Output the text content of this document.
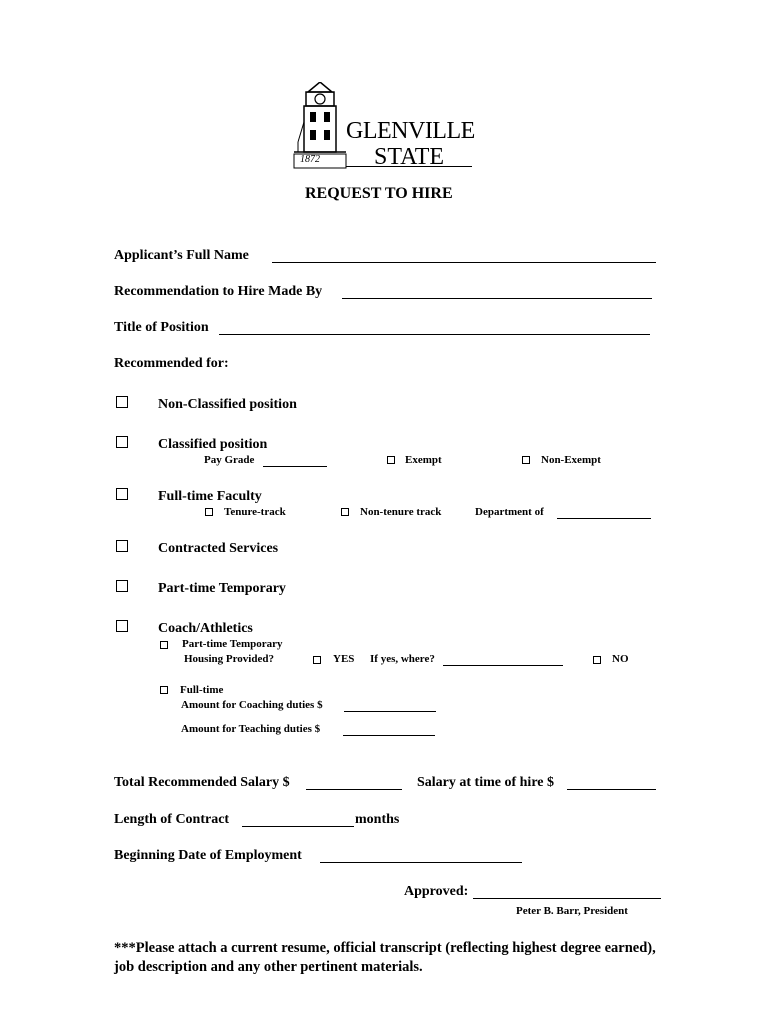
1872
GLENVILLE
STATE
REQUEST TO HIRE
Applicant’s Full Name
Recommendation to Hire Made By
Title of Position
Recommended for:
Non-Classified position
Classified position
Pay Grade	Exempt	Non-Exempt
Full-time Faculty
Tenure-track	Non-tenure track	Department of
Contracted Services
Part-time Temporary
Coach/Athletics
Part-time Temporary
Housing Provided?	YES If yes, where?	NO
Full-time
Amount for Coaching duties $
Amount for Teaching duties $
Total Recommended Salary $	Salary at time of hire $
Length of Contract	months
Beginning Date of Employment
Approved:
Peter B. Barr, President
***Please attach a current resume, official transcript (reflecting highest degree earned), job description and any other pertinent materials.
